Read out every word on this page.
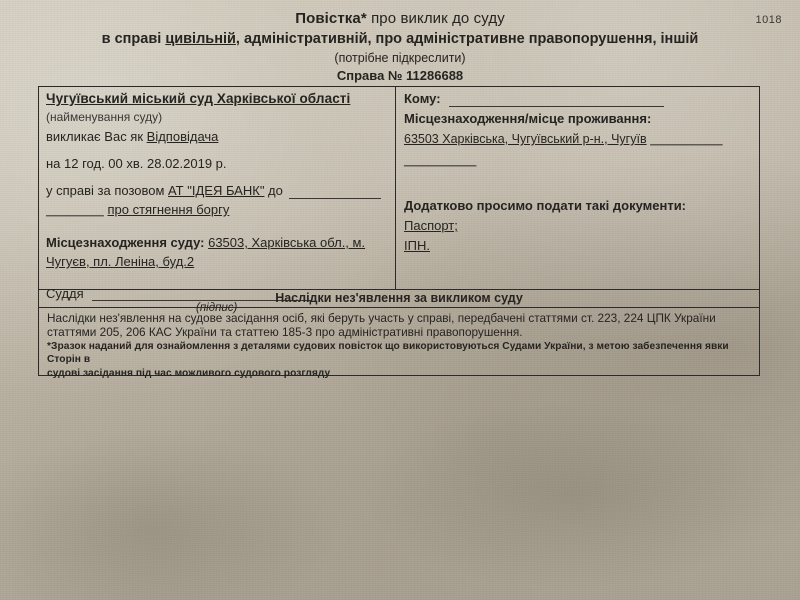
1018
Повістка* про виклик до суду
в справі цивільній, адміністративній, про адміністративне правопорушення, іншій
(потрібне підкреслити)
Справа № 11286688
Чугуївський міський суд Харківської області
(найменування суду)
викликає Вас як Відповідача
на 12 год. 00 хв. 28.02.2019 р.
у справі за позовом АТ "ІДЕЯ БАНК" до
________ про стягнення боргу
Місцезнаходження суду: 63503, Харківська обл., м.
Чугуєв, пл. Леніна, буд.2
Суддя
(підпис)
Кому:
Місцезнаходження/місце проживання:
63503 Харківська, Чугуївський р-н., Чугуїв __________
__________
Додатково просимо подати такі документи:
Паспорт;
ІПН.
Наслідки нез'явлення за викликом суду
Наслідки нез'явлення на судове засідання осіб, які беруть участь у справі, передбачені статтями ст. 223, 224 ЦПК України
статтями 205, 206 КАС України та статтею 185-3 про адміністративні правопорушення.
*Зразок наданий для ознайомлення з деталями судових повісток що використовуються Судами України, з метою забезпечення явки Сторін в
судові засідання під час можливого судового розгляду
